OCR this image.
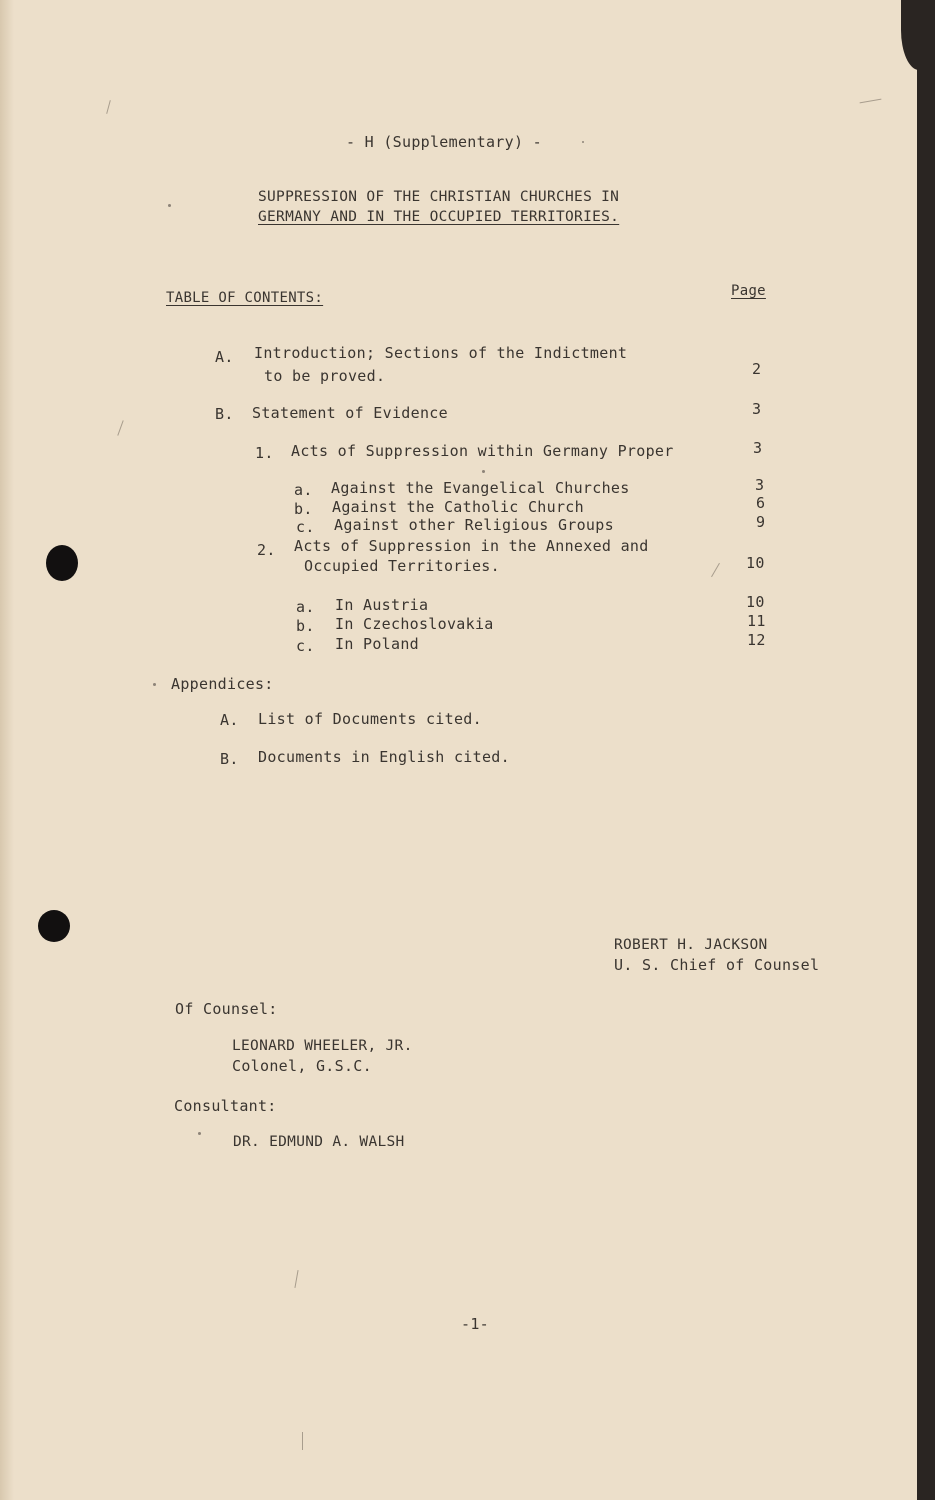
- H (Supplementary) -
SUPPRESSION OF THE CHRISTIAN CHURCHES IN
GERMANY AND IN THE OCCUPIED TERRITORIES.
TABLE OF CONTENTS:	Page
A. Introduction; Sections of the Indictment
to be proved.	2
B. Statement of Evidence	3
1. Acts of Suppression within Germany Proper	3
a. Against the Evangelical Churches	3
b. Against the Catholic Church	6
c. Against other Religious Groups	9
2. Acts of Suppression in the Annexed and
Occupied Territories.	10
a. In Austria	10
b. In Czechoslovakia	11
c. In Poland	12
Appendices:
A. List of Documents cited.
B. Documents in English cited.
ROBERT H. JACKSON
U. S. Chief of Counsel
Of Counsel:
LEONARD WHEELER, JR.
Colonel, G.S.C.
Consultant:
DR. EDMUND A. WALSH
-1-
